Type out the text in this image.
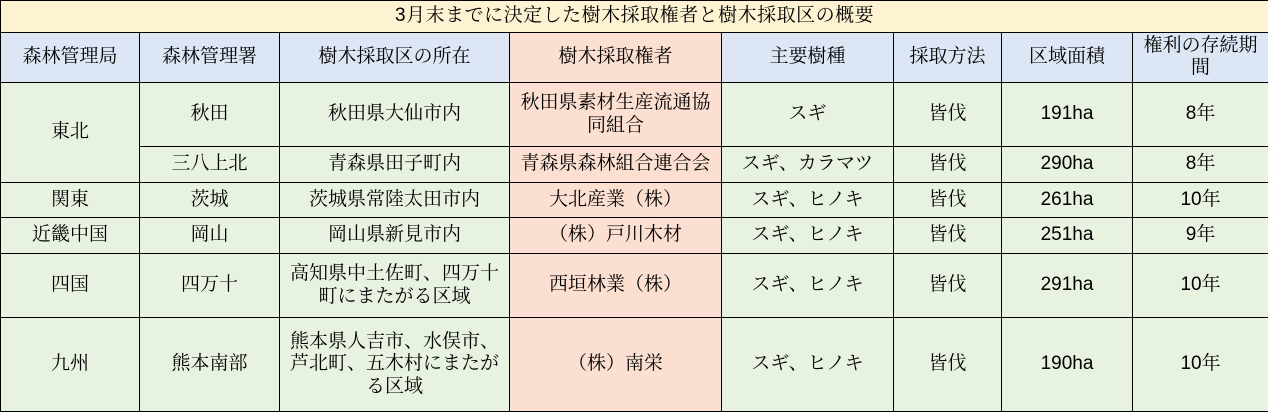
3月末までに決定した樹木採取権者と樹木採取区の概要							
森林管理局	森林管理署	樹木採取区の所在	樹木採取権者	主要樹種	採取方法	区域面積	権利の存続期間
東北	秋田	秋田県大仙市内	秋田県素材生産流通協同組合	スギ	皆伐	191ha	8年
	三八上北	青森県田子町内	青森県森林組合連合会	スギ、カラマツ	皆伐	290ha	8年
関東	茨城	茨城県常陸太田市内	大北産業（株）	スギ、ヒノキ	皆伐	261ha	10年
近畿中国	岡山	岡山県新見市内	（株）戸川木材	スギ、ヒノキ	皆伐	251ha	9年
四国	四万十	高知県中土佐町、四万十町にまたがる区域	西垣林業（株）	スギ、ヒノキ	皆伐	291ha	10年
九州	熊本南部	熊本県人吉市、水俣市、芦北町、五木村にまたがる区域	（株）南栄	スギ、ヒノキ	皆伐	190ha	10年
